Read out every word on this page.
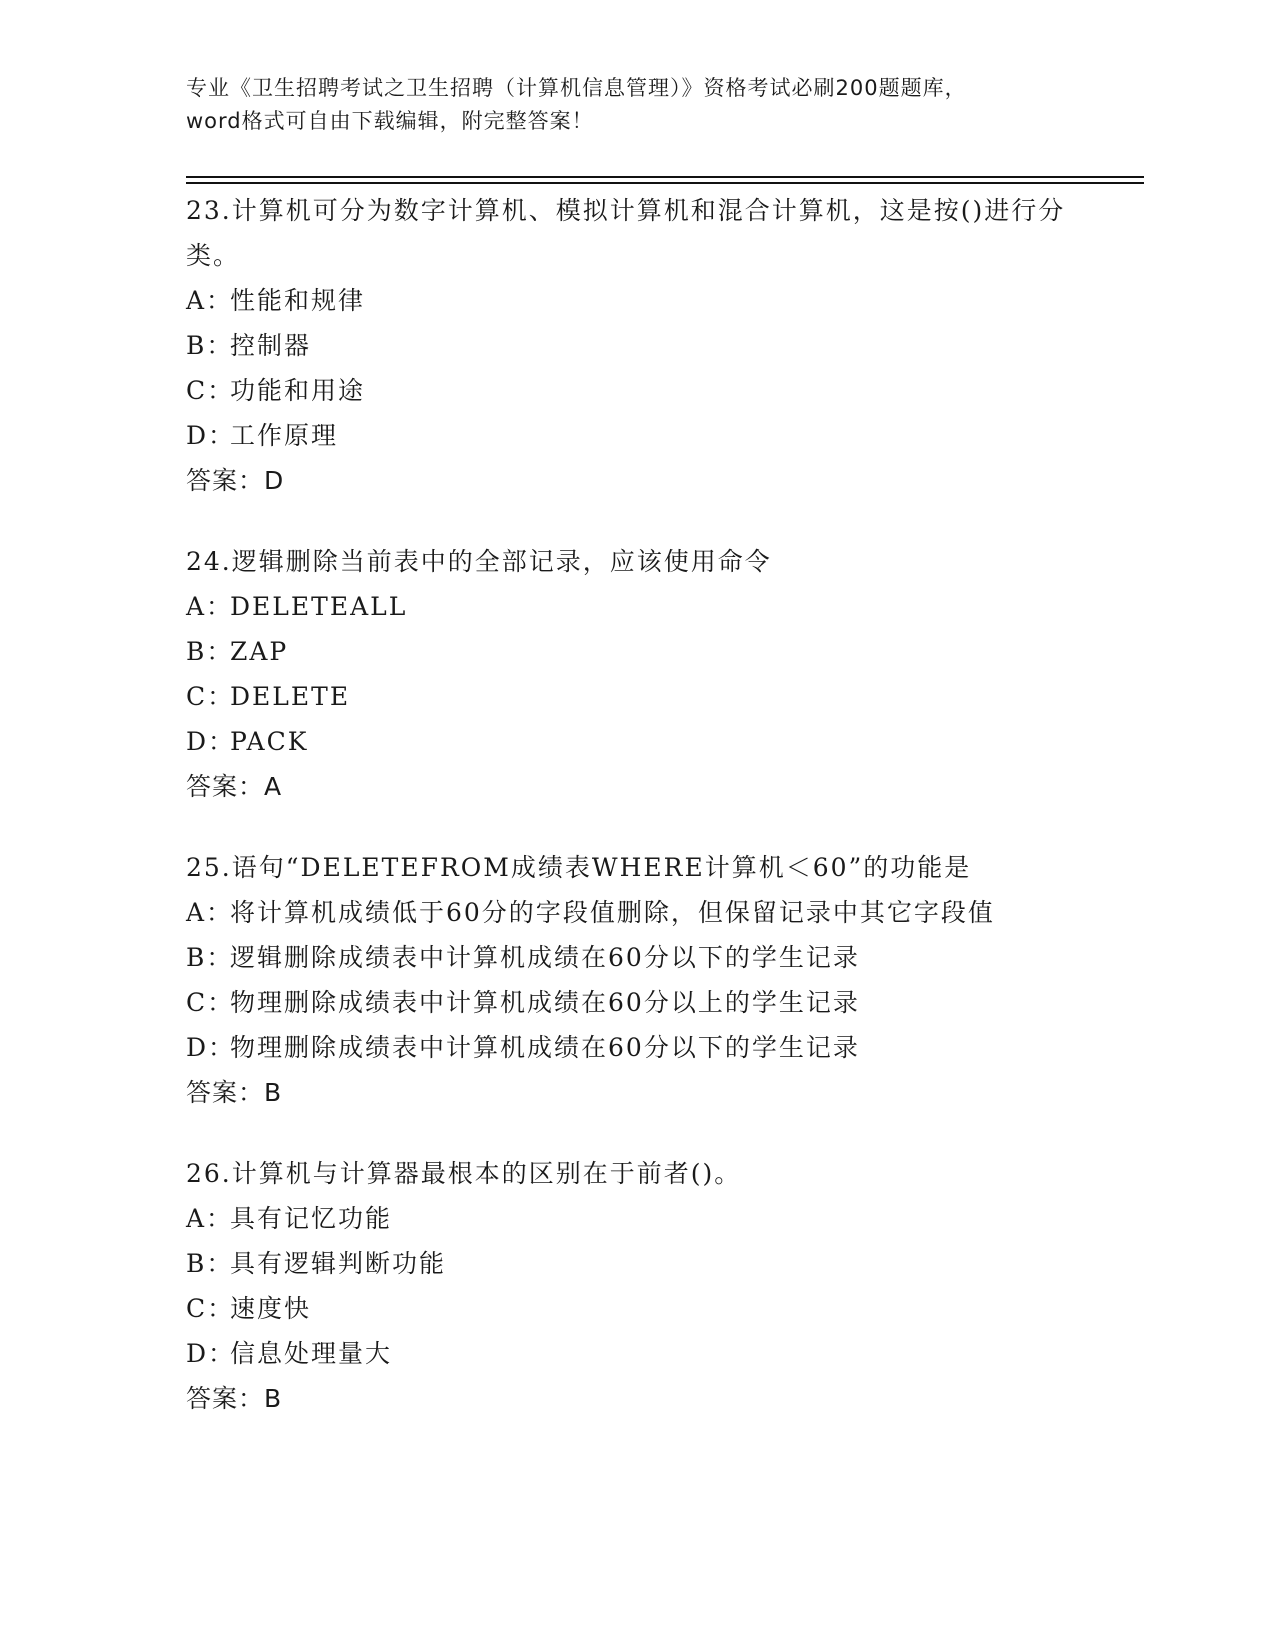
专业《卫生招聘考试之卫生招聘（计算机信息管理）》资格考试必刷200题题库，
word格式可自由下载编辑，附完整答案！

23.计算机可分为数字计算机、模拟计算机和混合计算机，这是按()进行分类。

A：性能和规律

B：控制器

C：功能和用途

D：工作原理

答案：D

24.逻辑删除当前表中的全部记录，应该使用命令

A：DELETEALL

B：ZAP

C：DELETE

D：PACK

答案：A

25.语句“DELETEFROM成绩表WHERE计算机＜60”的功能是

A：将计算机成绩低于60分的字段值删除，但保留记录中其它字段值

B：逻辑删除成绩表中计算机成绩在60分以下的学生记录

C：物理删除成绩表中计算机成绩在60分以上的学生记录

D：物理删除成绩表中计算机成绩在60分以下的学生记录

答案：B

26.计算机与计算器最根本的区别在于前者()。

A：具有记忆功能

B：具有逻辑判断功能

C：速度快

D：信息处理量大

答案：B
